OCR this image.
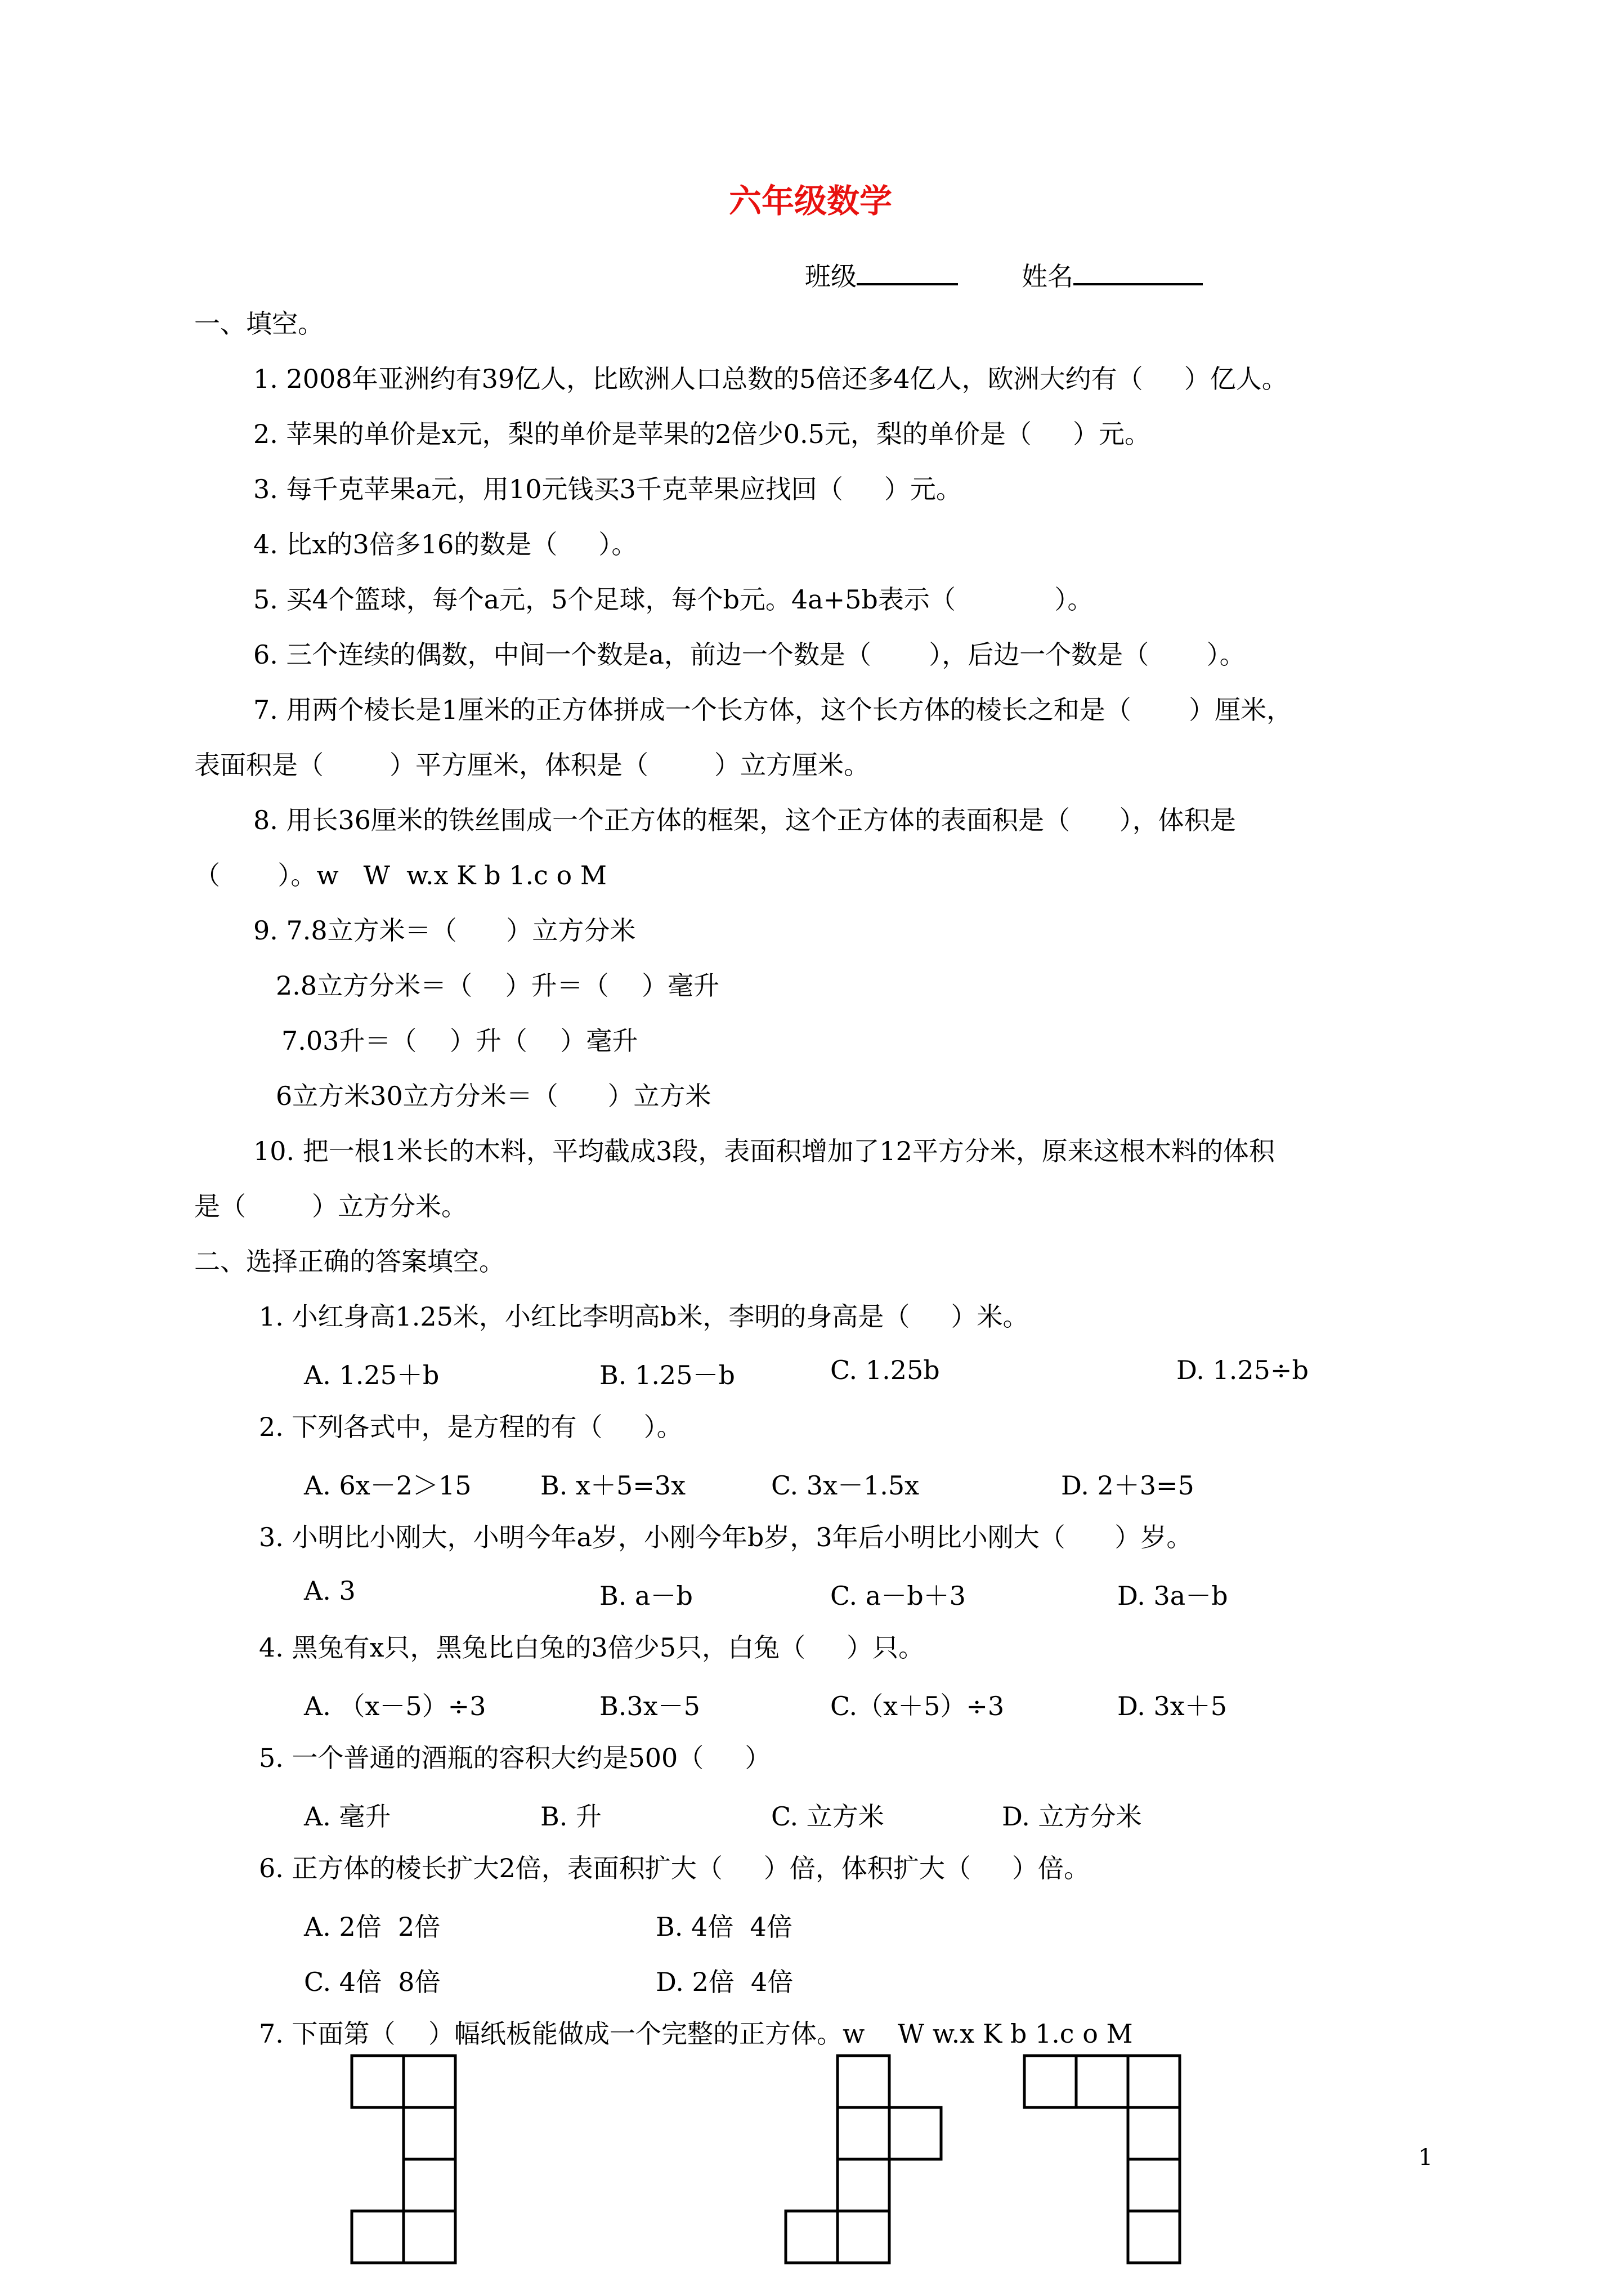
六年级数学
班级	姓名
一、填空。
1. 2008年亚洲约有39亿人，比欧洲人口总数的5倍还多4亿人，欧洲大约有（     ）亿人。
2. 苹果的单价是x元，梨的单价是苹果的2倍少0.5元，梨的单价是（     ）元。
3. 每千克苹果a元，用10元钱买3千克苹果应找回（     ）元。
4. 比x的3倍多16的数是（     ）。
5. 买4个篮球，每个a元，5个足球，每个b元。4a+5b表示（            ）。
6. 三个连续的偶数，中间一个数是a，前边一个数是（       ），后边一个数是（       ）。
7. 用两个棱长是1厘米的正方体拼成一个长方体，这个长方体的棱长之和是（       ）厘米，
表面积是（        ）平方厘米，体积是（        ）立方厘米。
8. 用长36厘米的铁丝围成一个正方体的框架，这个正方体的表面积是（      ），体积是
（       ）。w   W  w.x K b 1.c o M
9. 7.8立方米＝（      ）立方分米
2.8立方分米＝（    ）升＝（    ）毫升
7.03升＝（    ）升（    ）毫升
6立方米30立方分米＝（      ）立方米
10. 把一根1米长的木料，平均截成3段，表面积增加了12平方分米，原来这根木料的体积
是（        ）立方分米。
二、选择正确的答案填空。
1. 小红身高1.25米，小红比李明高b米，李明的身高是（     ）米。
A. 1.25＋b	B. 1.25－b	C. 1.25b	D. 1.25÷b
2. 下列各式中，是方程的有（     ）。
A. 6x－2＞15	B. x＋5=3x	C. 3x－1.5x	D. 2＋3=5
3. 小明比小刚大，小明今年a岁，小刚今年b岁，3年后小明比小刚大（      ）岁。
A. 3	B. a－b	C. a－b＋3	D. 3a－b
4. 黑兔有x只，黑兔比白兔的3倍少5只，白兔（     ）只。
A. （x－5）÷3	B.3x－5	C.（x＋5）÷3	D. 3x＋5
5. 一个普通的酒瓶的容积大约是500（     ）
A. 毫升	B. 升	C. 立方米	D. 立方分米
6. 正方体的棱长扩大2倍，表面积扩大（     ）倍，体积扩大（     ）倍。
A. 2倍  2倍	B. 4倍  4倍
C. 4倍  8倍	D. 2倍  4倍
7. 下面第（    ）幅纸板能做成一个完整的正方体。w    W w.x K b 1.c o M
1
